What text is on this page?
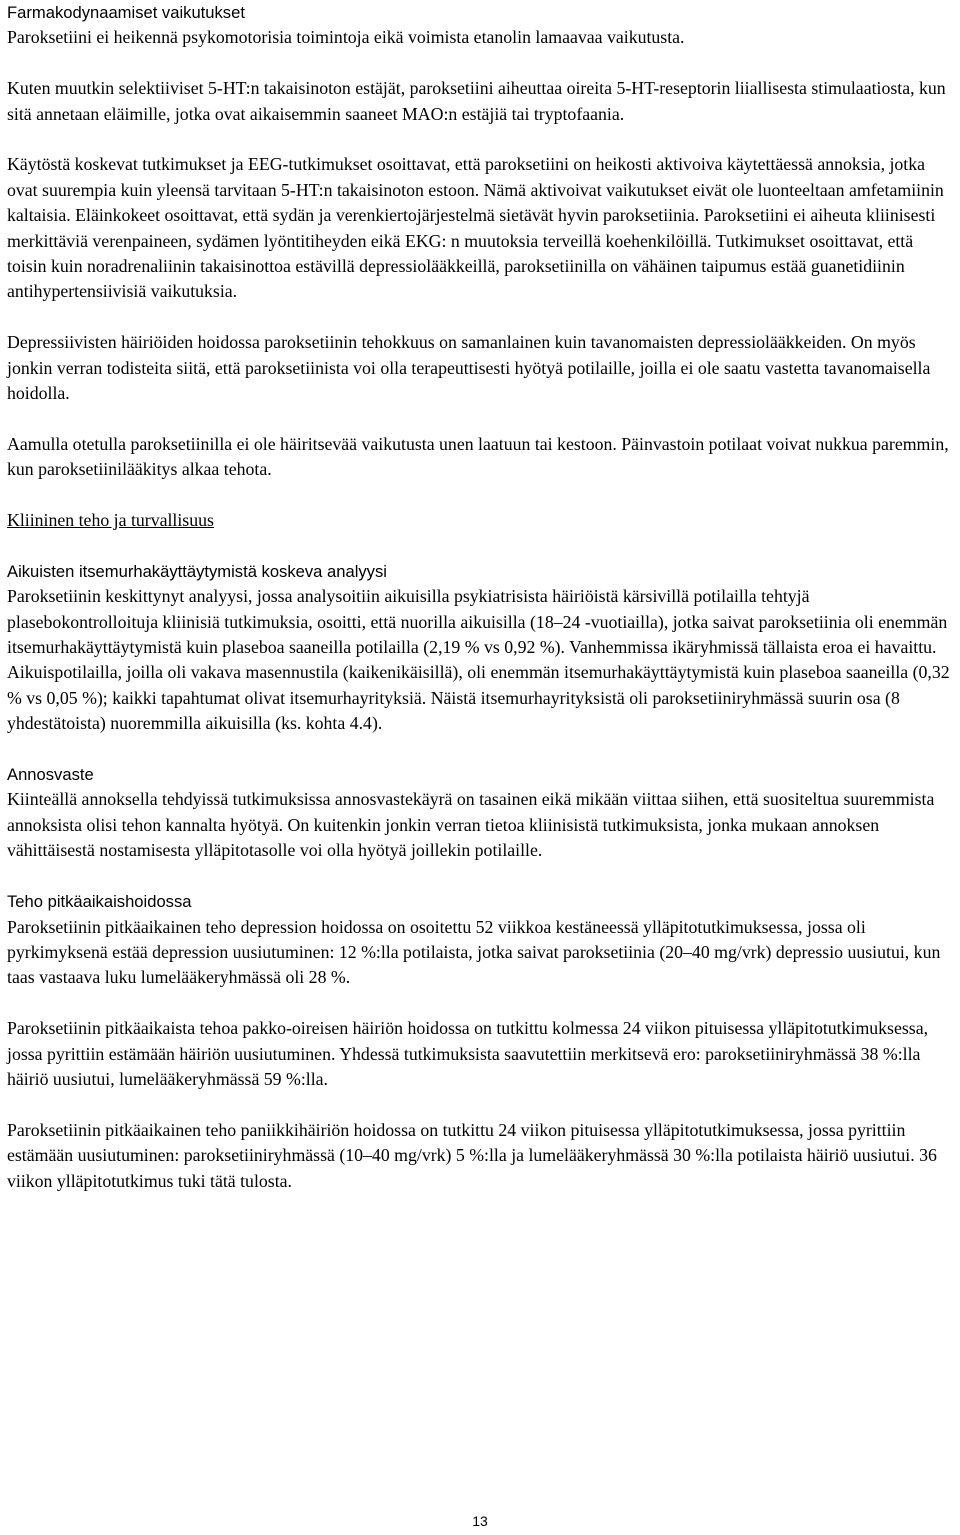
Farmakodynaamiset vaikutukset
Paroksetiini ei heikennä psykomotorisia toimintoja eikä voimista etanolin lamaavaa vaikutusta.
Kuten muutkin selektiiviset 5-HT:n takaisinoton estäjät, paroksetiini aiheuttaa oireita 5-HT-reseptorin liiallisesta stimulaatiosta, kun sitä annetaan eläimille, jotka ovat aikaisemmin saaneet MAO:n estäjiä tai tryptofaania.
Käytöstä koskevat tutkimukset ja EEG-tutkimukset osoittavat, että paroksetiini on heikosti aktivoiva käytettäessä annoksia, jotka ovat suurempia kuin yleensä tarvitaan 5-HT:n takaisinoton estoon. Nämä aktivoivat vaikutukset eivät ole luonteeltaan amfetamiinin kaltaisia. Eläinkokeet osoittavat, että sydän ja verenkiertojärjestelmä sietävät hyvin paroksetiinia. Paroksetiini ei aiheuta kliinisesti merkittäviä verenpaineen, sydämen lyöntitiheyden eikä EKG: n muutoksia terveillä koehenkilöillä. Tutkimukset osoittavat, että toisin kuin noradrenaliinin takaisinottoa estävillä depressiolääkkeillä, paroksetiinilla on vähäinen taipumus estää guanetidiinin antihypertensiivisiä vaikutuksia.
Depressiivisten häiriöiden hoidossa paroksetiinin tehokkuus on samanlainen kuin tavanomaisten depressiolääkkeiden. On myös jonkin verran todisteita siitä, että paroksetiinista voi olla terapeuttisesti hyötyä potilaille, joilla ei ole saatu vastetta tavanomaisella hoidolla.
Aamulla otetulla paroksetiinilla ei ole häiritsevää vaikutusta unen laatuun tai kestoon. Päinvastoin potilaat voivat nukkua paremmin, kun paroksetiinilääkitys alkaa tehota.
Kliininen teho ja turvallisuus
Aikuisten itsemurhakäyttäytymistä koskeva analyysi
Paroksetiinin keskittynyt analyysi, jossa analysoitiin aikuisilla psykiatrisista häiriöistä kärsivillä potilailla tehtyjä plasebokontrolloituja kliinisiä tutkimuksia, osoitti, että nuorilla aikuisilla (18–24 -vuotiailla), jotka saivat paroksetiinia oli enemmän itsemurhakäyttäytymistä kuin plaseboa saaneilla potilailla (2,19 % vs 0,92 %). Vanhemmissa ikäryhmissä tällaista eroa ei havaittu. Aikuispotilailla, joilla oli vakava masennustila (kaikenikäisillä), oli enemmän itsemurhakäyttäytymistä kuin plaseboa saaneilla (0,32 % vs 0,05 %); kaikki tapahtumat olivat itsemurhayrityksiä. Näistä itsemurhayrityksistä oli paroksetiiniryhmässä suurin osa (8 yhdestätoista) nuoremmilla aikuisilla (ks. kohta 4.4).
Annosvaste
Kiinteällä annoksella tehdyissä tutkimuksissa annosvastekäyrä on tasainen eikä mikään viittaa siihen, että suositeltua suuremmista annoksista olisi tehon kannalta hyötyä. On kuitenkin jonkin verran tietoa kliinisistä tutkimuksista, jonka mukaan annoksen vähittäisestä nostamisesta ylläpitotasolle voi olla hyötyä joillekin potilaille.
Teho pitkäaikaishoidossa
Paroksetiinin pitkäaikainen teho depression hoidossa on osoitettu 52 viikkoa kestäneessä ylläpitotutkimuksessa, jossa oli pyrkimyksenä estää depression uusiutuminen: 12 %:lla potilaista, jotka saivat paroksetiinia (20–40 mg/vrk) depressio uusiutui, kun taas vastaava luku lumelääkeryhmässä oli 28 %.
Paroksetiinin pitkäaikaista tehoa pakko-oireisen häiriön hoidossa on tutkittu kolmessa 24 viikon pituisessa ylläpitotutkimuksessa, jossa pyrittiin estämään häiriön uusiutuminen. Yhdessä tutkimuksista saavutettiin merkitsevä ero: paroksetiiniryhmässä 38 %:lla häiriö uusiutui, lumelääkeryhmässä 59 %:lla.
Paroksetiinin pitkäaikainen teho paniikkihäiriön hoidossa on tutkittu 24 viikon pituisessa ylläpitotutkimuksessa, jossa pyrittiin estämään uusiutuminen: paroksetiiniryhmässä (10–40 mg/vrk) 5 %:lla ja lumelääkeryhmässä 30 %:lla potilaista häiriö uusiutui. 36 viikon ylläpitotutkimus tuki tätä tulosta.
13
